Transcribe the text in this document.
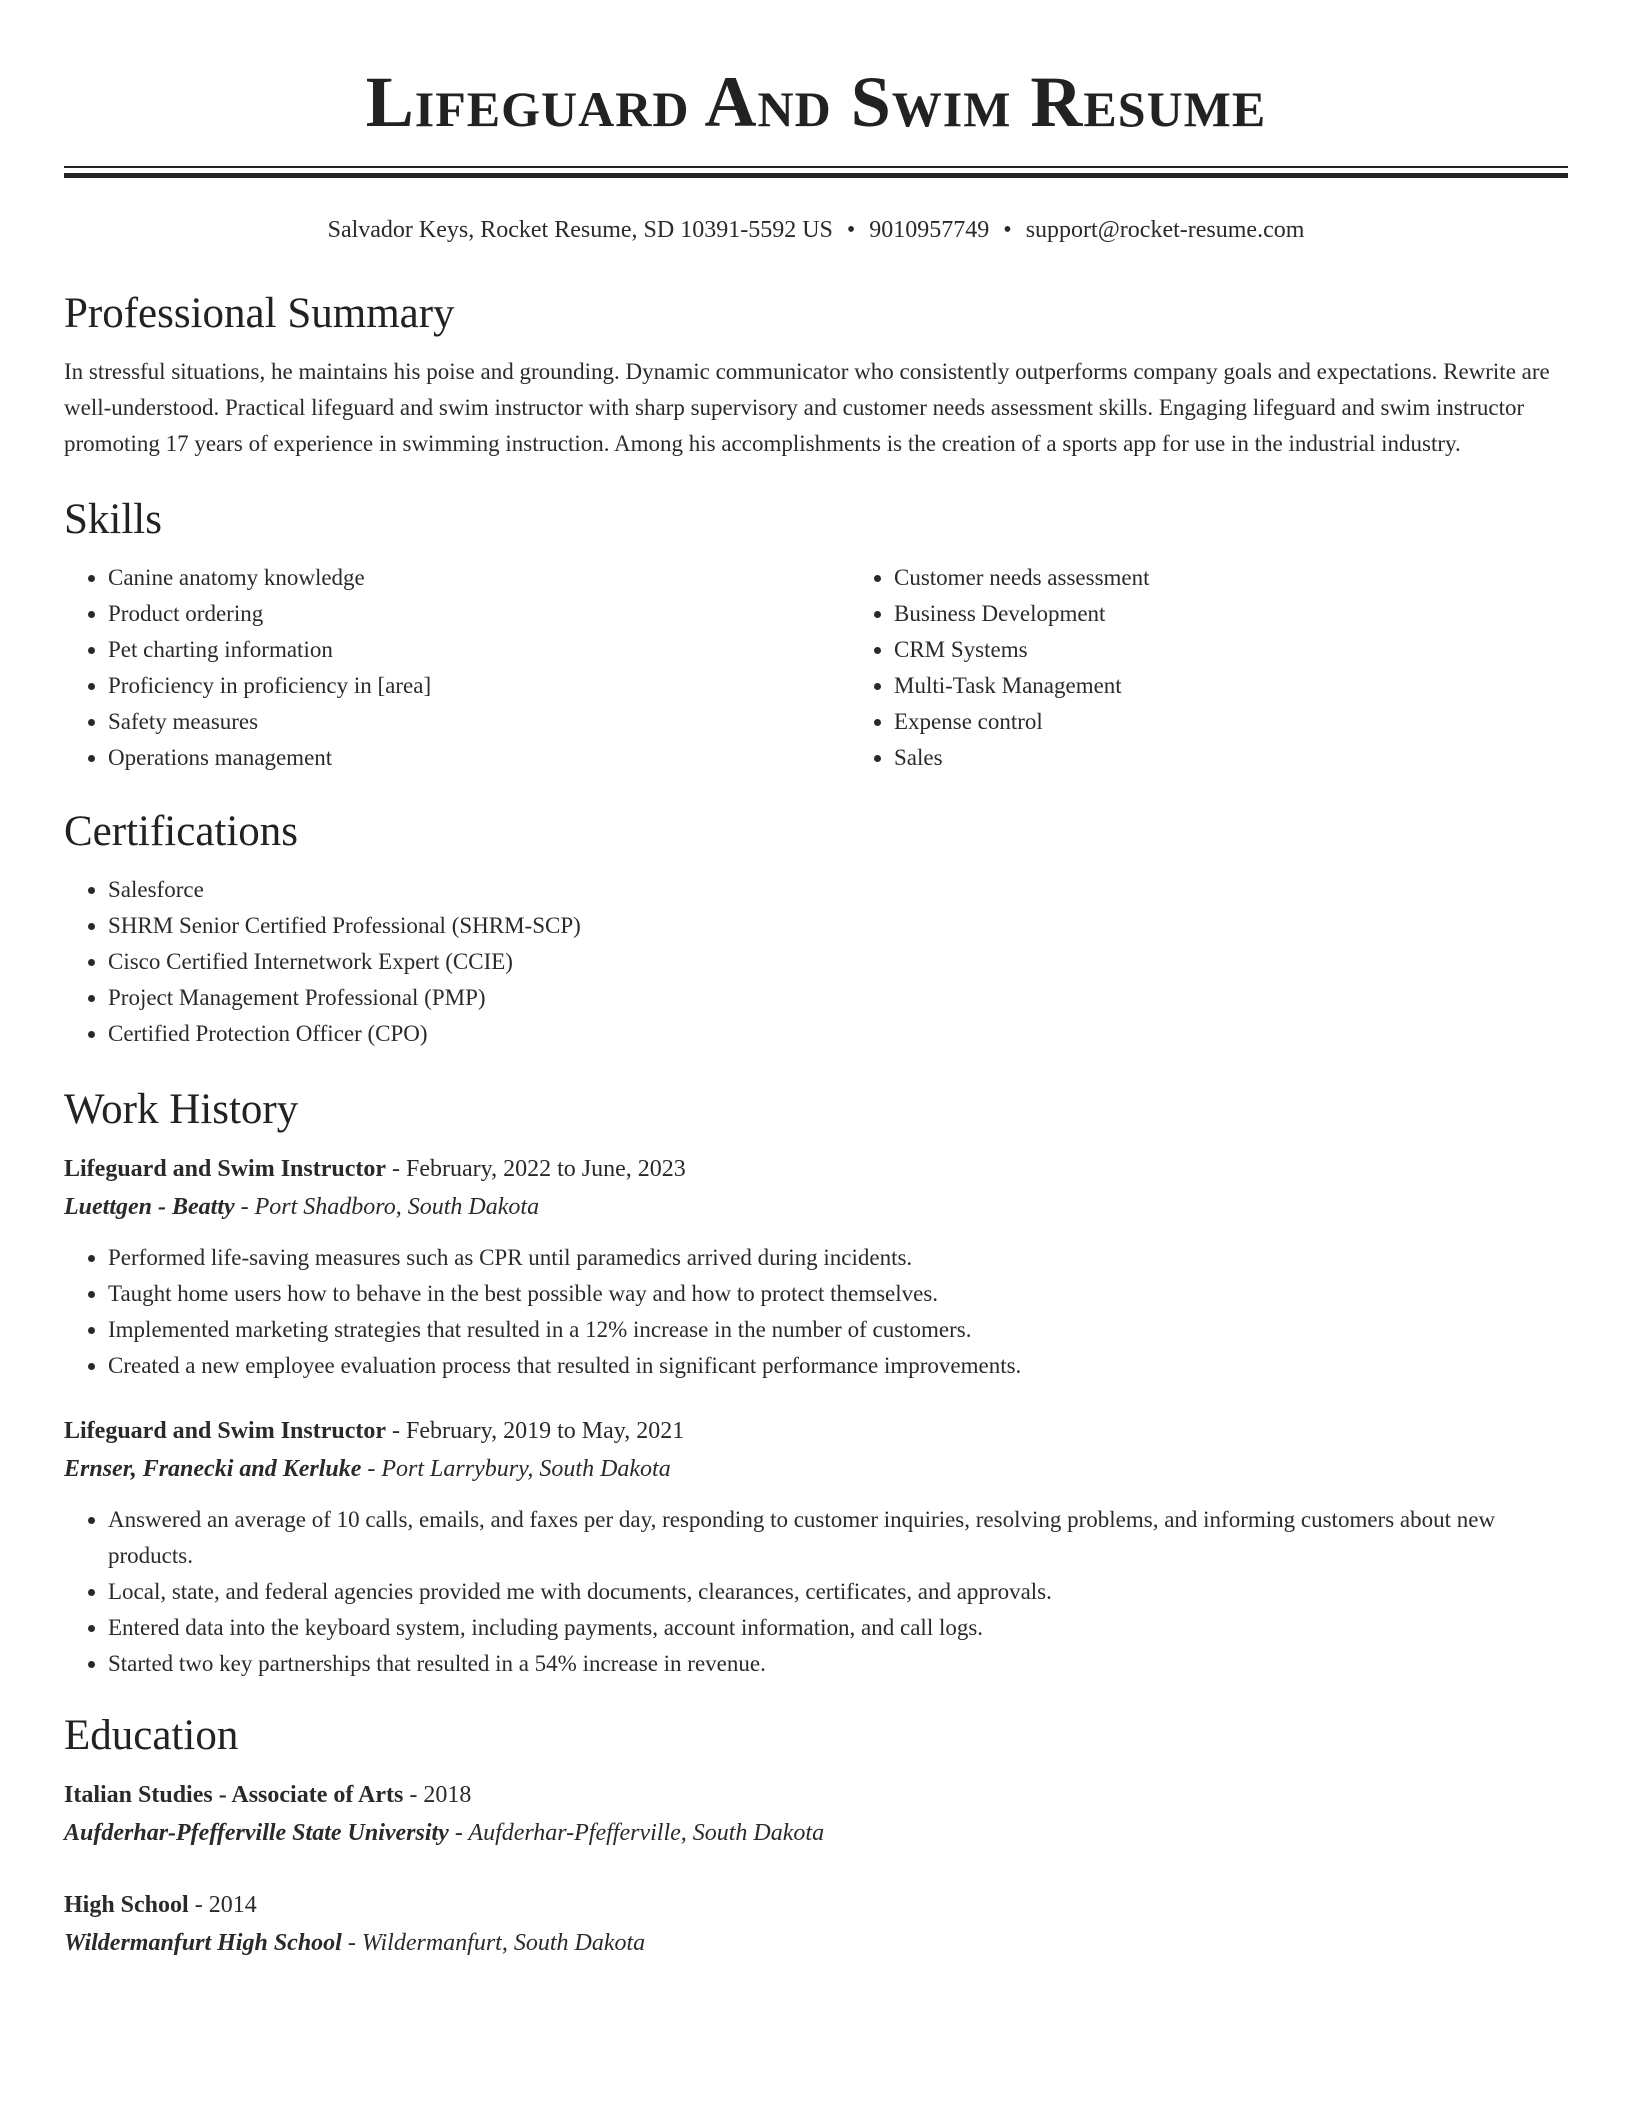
Lifeguard And Swim Resume
Salvador Keys, Rocket Resume, SD 10391-5592 US • 9010957749 • support@rocket-resume.com
Professional Summary

In stressful situations, he maintains his poise and grounding. Dynamic communicator who consistently outperforms company goals and expectations. Rewrite are well-understood. Practical lifeguard and swim instructor with sharp supervisory and customer needs assessment skills. Engaging lifeguard and swim instructor promoting 17 years of experience in swimming instruction. Among his accomplishments is the creation of a sports app for use in the industrial industry.

Skills
• Canine anatomy knowledge
• Product ordering
• Pet charting information
• Proficiency in proficiency in [area]
• Safety measures
• Operations management
• Customer needs assessment
• Business Development
• CRM Systems
• Multi-Task Management
• Expense control
• Sales
Certifications
• Salesforce
• SHRM Senior Certified Professional (SHRM-SCP)
• Cisco Certified Internetwork Expert (CCIE)
• Project Management Professional (PMP)
• Certified Protection Officer (CPO)
Work History
Lifeguard and Swim Instructor - February, 2022 to June, 2023
Luettgen - Beatty - Port Shadboro, South Dakota
• Performed life-saving measures such as CPR until paramedics arrived during incidents.
• Taught home users how to behave in the best possible way and how to protect themselves.
• Implemented marketing strategies that resulted in a 12% increase in the number of customers.
• Created a new employee evaluation process that resulted in significant performance improvements.
Lifeguard and Swim Instructor - February, 2019 to May, 2021
Ernser, Franecki and Kerluke - Port Larrybury, South Dakota
• Answered an average of 10 calls, emails, and faxes per day, responding to customer inquiries, resolving problems, and informing customers about new products.
• Local, state, and federal agencies provided me with documents, clearances, certificates, and approvals.
• Entered data into the keyboard system, including payments, account information, and call logs.
• Started two key partnerships that resulted in a 54% increase in revenue.
Education
Italian Studies - Associate of Arts - 2018
Aufderhar-Pfefferville State University - Aufderhar-Pfefferville, South Dakota
High School - 2014
Wildermanfurt High School - Wildermanfurt, South Dakota
